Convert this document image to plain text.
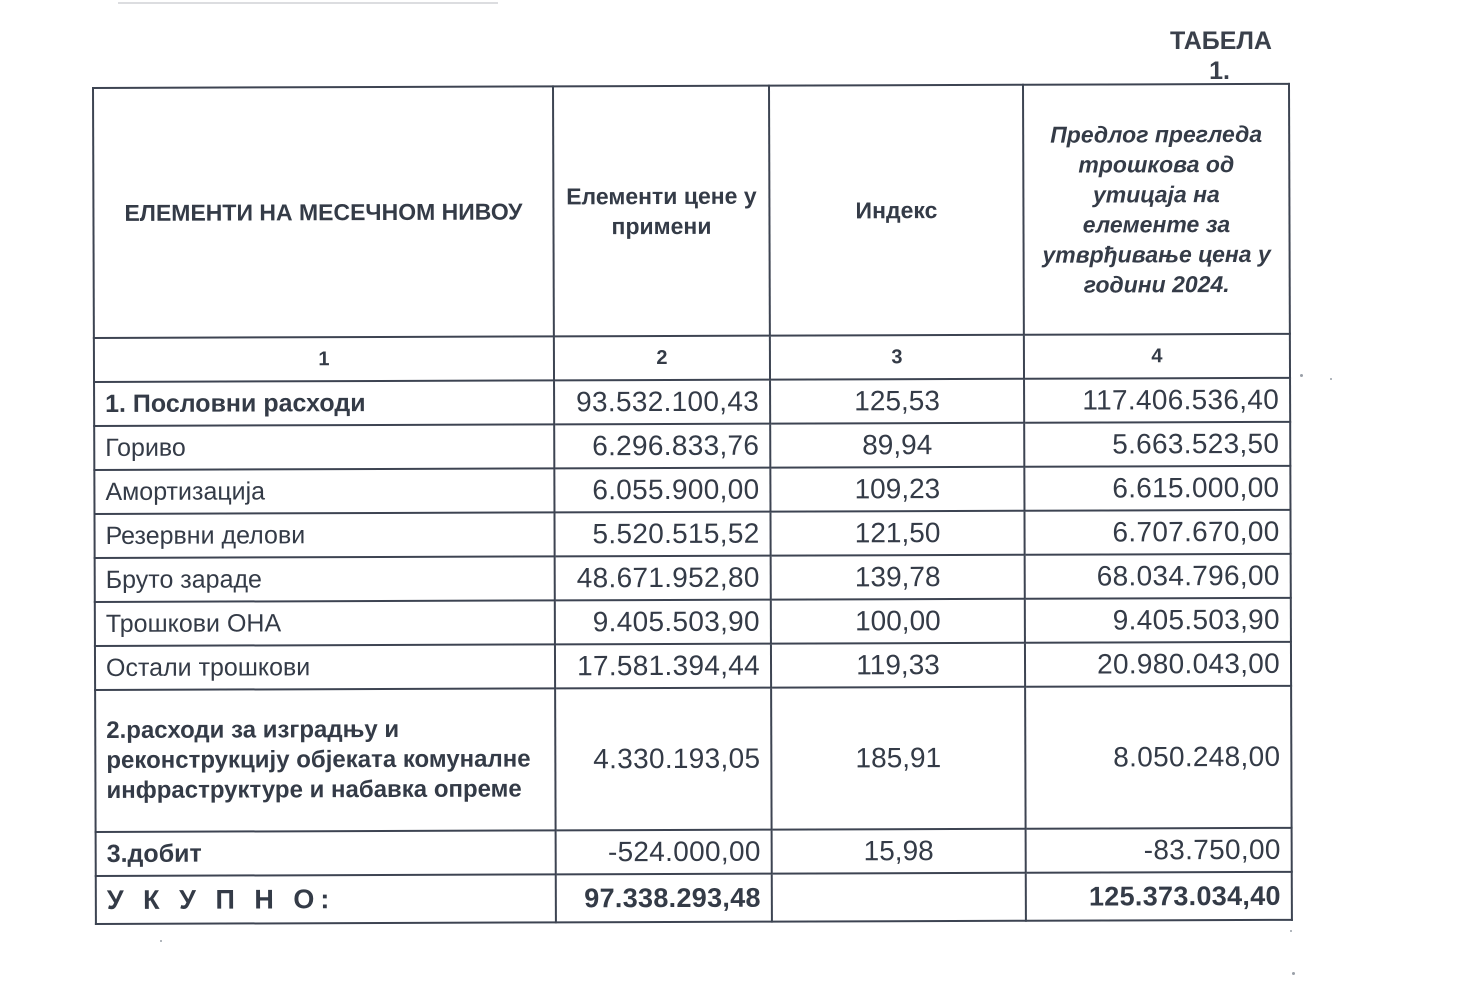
ТАБЕЛА
1.
ЕЛЕМЕНТИ НА МЕСЕЧНОМ НИВОУ	Елементи цене у примени	Индекс	Предлог прегледа трошкова од утицаја на елементе за утврђивање цена у години 2024.
1	2	3	4
1. Пословни расходи	93.532.100,43	125,53	117.406.536,40
Гориво	6.296.833,76	89,94	5.663.523,50
Амортизација	6.055.900,00	109,23	6.615.000,00
Резервни делови	5.520.515,52	121,50	6.707.670,00
Бруто зараде	48.671.952,80	139,78	68.034.796,00
Трошкови ОНА	9.405.503,90	100,00	9.405.503,90
Остали трошкови	17.581.394,44	119,33	20.980.043,00
2.расходи за изградњу и реконструкцију објеката комуналне инфраструктуре и набавка опреме	4.330.193,05	185,91	8.050.248,00
3.добит	-524.000,00	15,98	-83.750,00
У К У П Н О:	97.338.293,48		125.373.034,40
